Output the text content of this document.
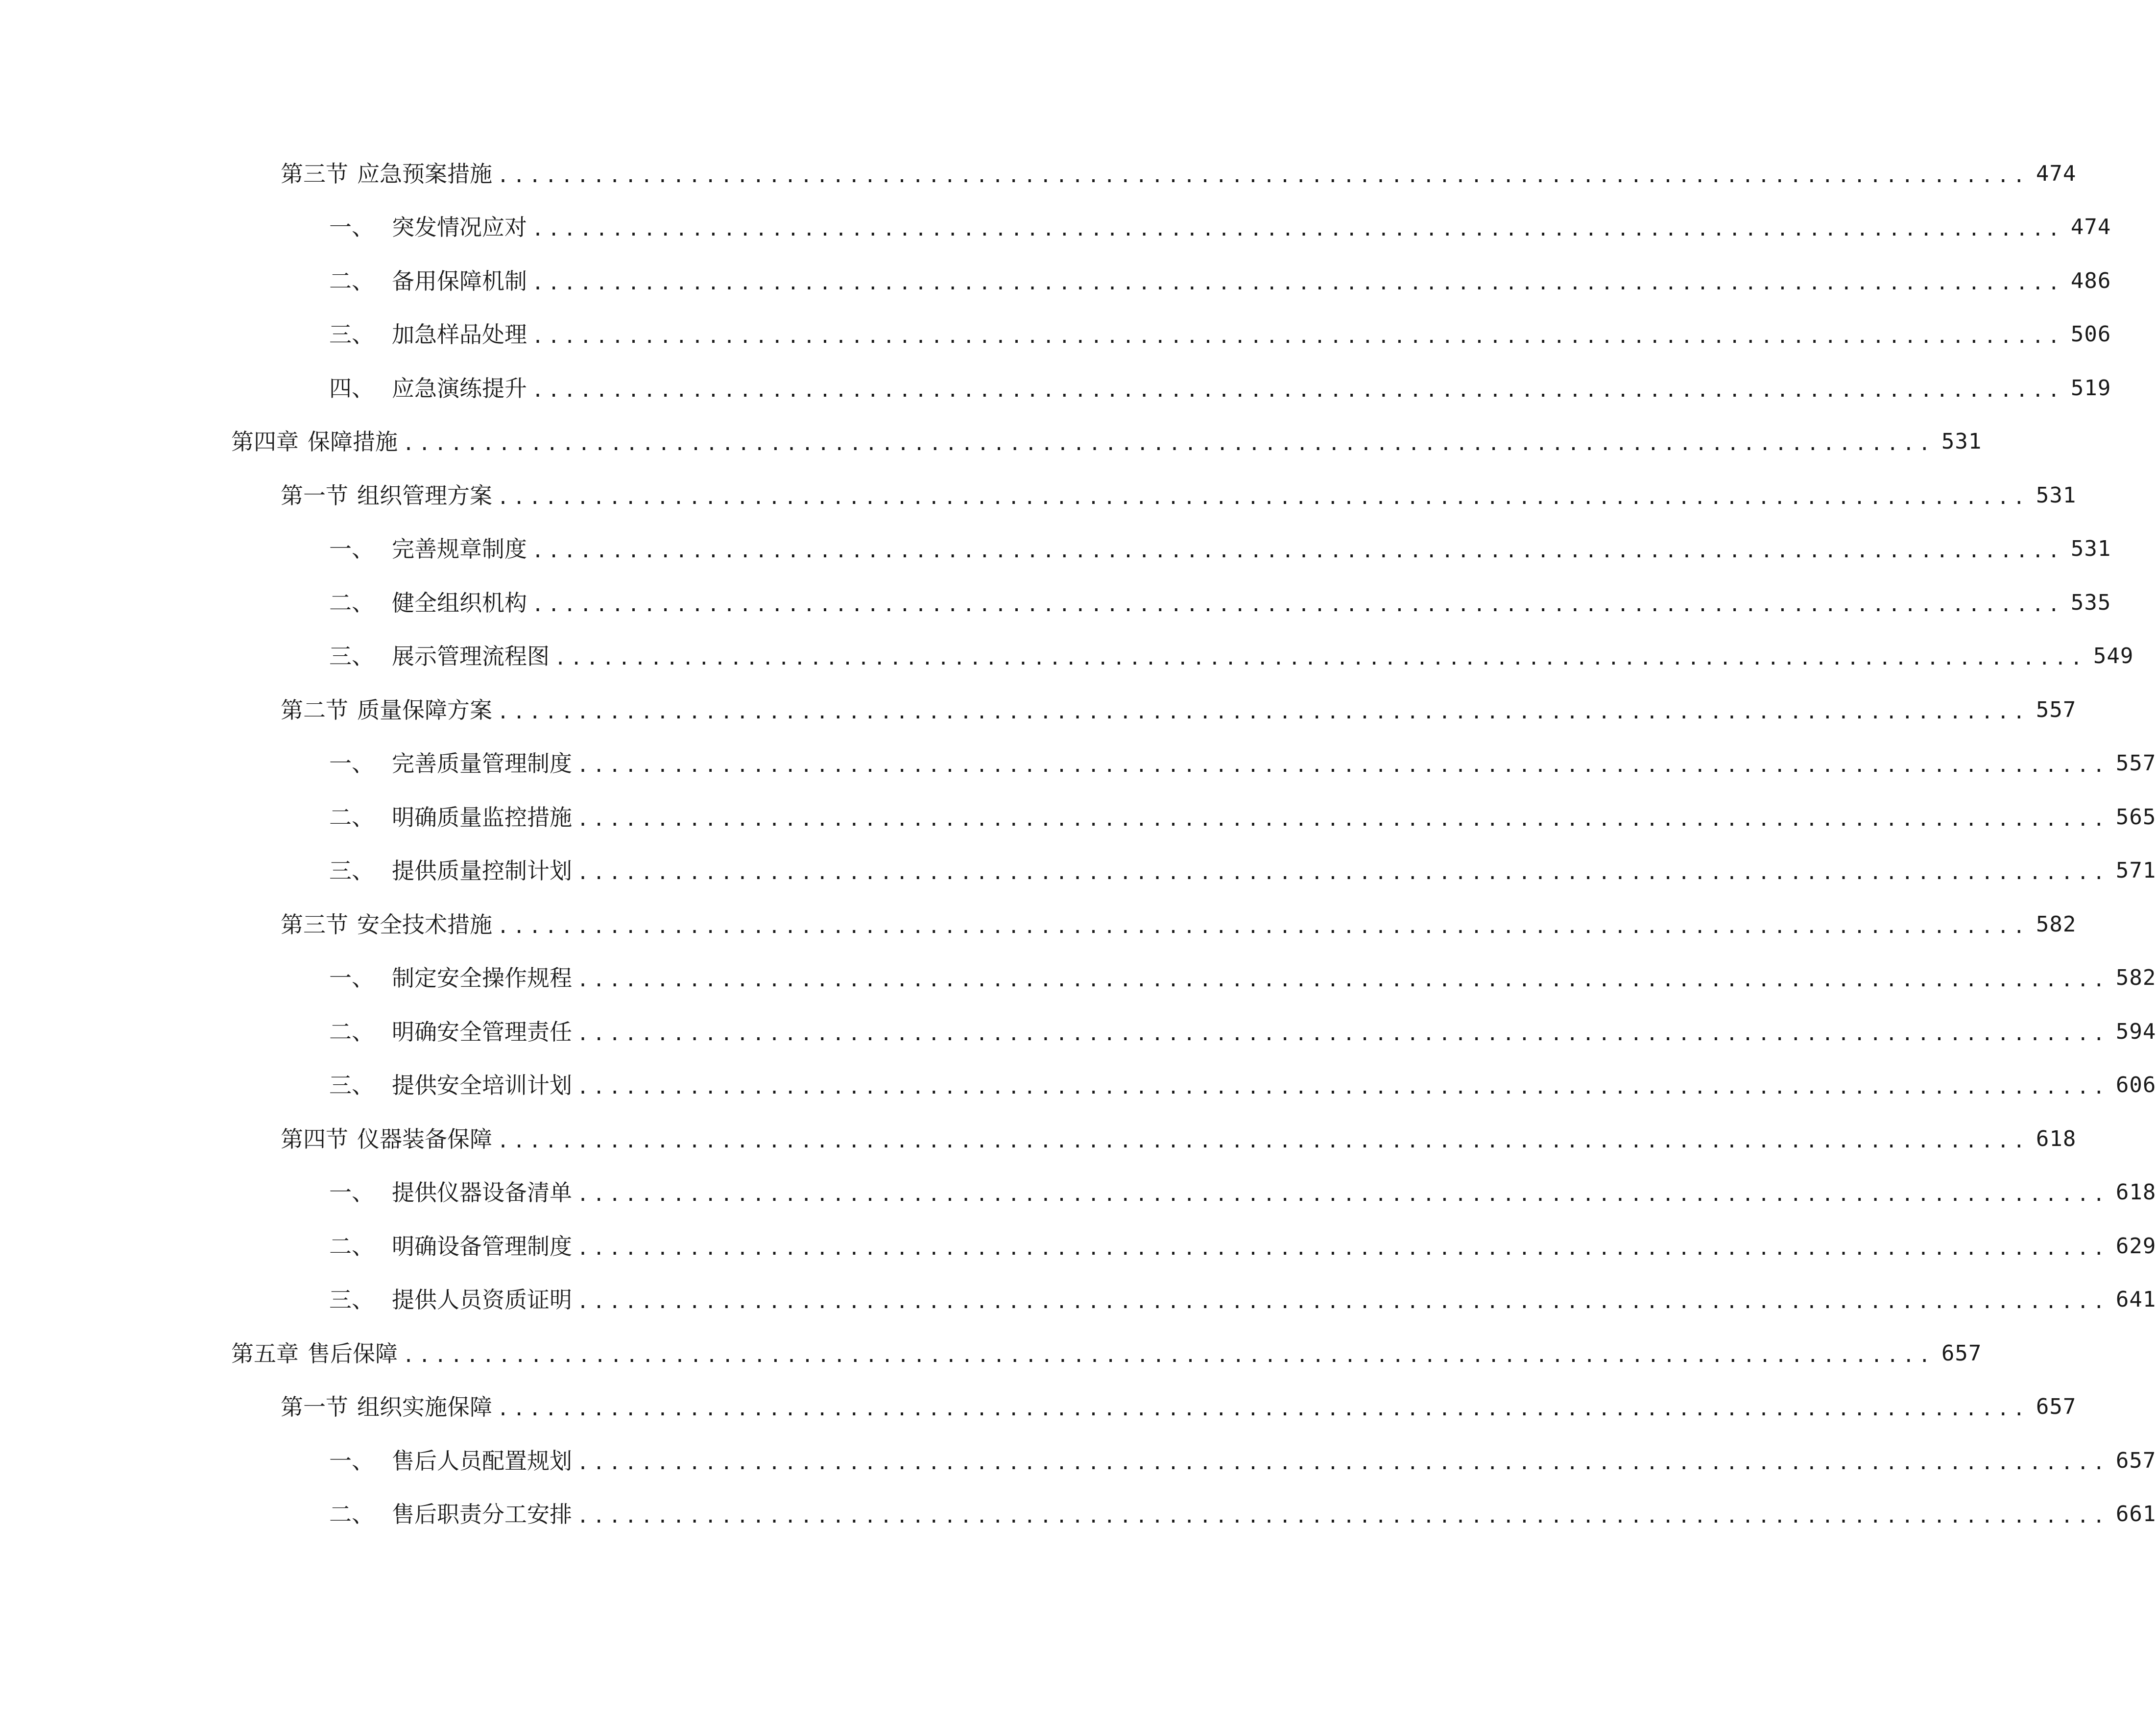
第三节 应急预案措施 ................................................................................................ 474
一、 突发情况应对 ................................................................................................ 474
二、 备用保障机制 ................................................................................................ 486
三、 加急样品处理 ................................................................................................ 506
四、 应急演练提升 ................................................................................................ 519
第四章 保障措施 ................................................................................................ 531
第一节 组织管理方案 ................................................................................................ 531
一、 完善规章制度 ................................................................................................ 531
二、 健全组织机构 ................................................................................................ 535
三、 展示管理流程图 ................................................................................................ 549
第二节 质量保障方案 ................................................................................................ 557
一、 完善质量管理制度 ................................................................................................ 557
二、 明确质量监控措施 ................................................................................................ 565
三、 提供质量控制计划 ................................................................................................ 571
第三节 安全技术措施 ................................................................................................ 582
一、 制定安全操作规程 ................................................................................................ 582
二、 明确安全管理责任 ................................................................................................ 594
三、 提供安全培训计划 ................................................................................................ 606
第四节 仪器装备保障 ................................................................................................ 618
一、 提供仪器设备清单 ................................................................................................ 618
二、 明确设备管理制度 ................................................................................................ 629
三、 提供人员资质证明 ................................................................................................ 641
第五章 售后保障 ................................................................................................ 657
第一节 组织实施保障 ................................................................................................ 657
一、 售后人员配置规划 ................................................................................................ 657
二、 售后职责分工安排 ................................................................................................ 661
